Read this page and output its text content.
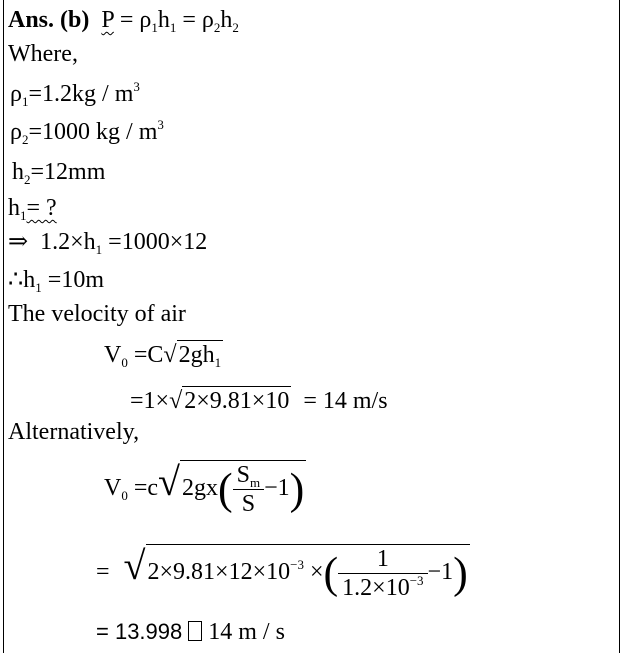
Ans. (b) $P = \rho_1h_1 = \rho_2h_2$
Where,
$\rho_1=1.2kg / m^3$
$\rho_2=1000$ kg / $m^3$
$h_2=12mm$
$h_1=$ ?
⇒ $1.2\times h_1 =1000\times 12$
$\therefore h_1 =10m$
The velocity of air
$V_0 =C√2gh_1$
=1×√2×9.81×10 = 14 m/s
Alternatively,
$V_0 =c√2gx( \frac{S_m}{S} -1)$
= $√2\times 9.81\times 12\times 10^{-3}$ ×( $\frac{1}{1.2\times 10^{-3}} -1$)
= 13.998 14 m / s
